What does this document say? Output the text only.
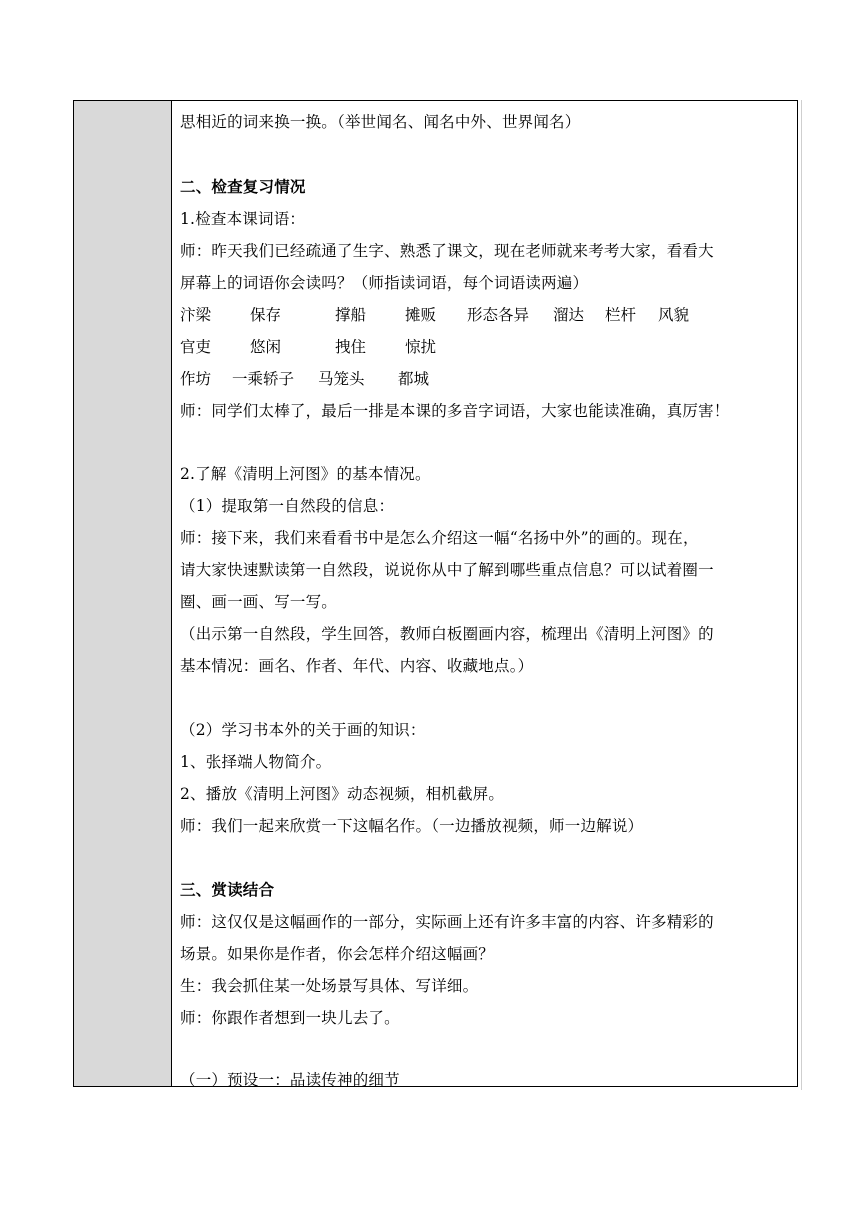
思相近的词来换一换。（举世闻名、闻名中外、世界闻名）
二、检查复习情况
1.检查本课词语：
师：昨天我们已经疏通了生字、熟悉了课文，现在老师就来考考大家，看看大
屏幕上的词语你会读吗？（师指读词语，每个词语读两遍）
汴梁	保存	撑船	摊贩 形态各异 溜达 栏杆 风貌
官吏	悠闲	拽住	惊扰
作坊 一乘轿子 马笼头 都城
师：同学们太棒了，最后一排是本课的多音字词语，大家也能读准确，真厉害！
2.了解《清明上河图》的基本情况。
（1）提取第一自然段的信息：
师：接下来，我们来看看书中是怎么介绍这一幅“名扬中外”的画的。现在，
请大家快速默读第一自然段，说说你从中了解到哪些重点信息？可以试着圈一
圈、画一画、写一写。
（出示第一自然段，学生回答，教师白板圈画内容，梳理出《清明上河图》的
基本情况：画名、作者、年代、内容、收藏地点。）
（2）学习书本外的关于画的知识：
1、张择端人物简介。
2、播放《清明上河图》动态视频，相机截屏。
师：我们一起来欣赏一下这幅名作。（一边播放视频，师一边解说）
三、赏读结合
师：这仅仅是这幅画作的一部分，实际画上还有许多丰富的内容、许多精彩的
场景。如果你是作者，你会怎样介绍这幅画？
生：我会抓住某一处场景写具体、写详细。
师：你跟作者想到一块儿去了。
（一）预设一：品读传神的细节
